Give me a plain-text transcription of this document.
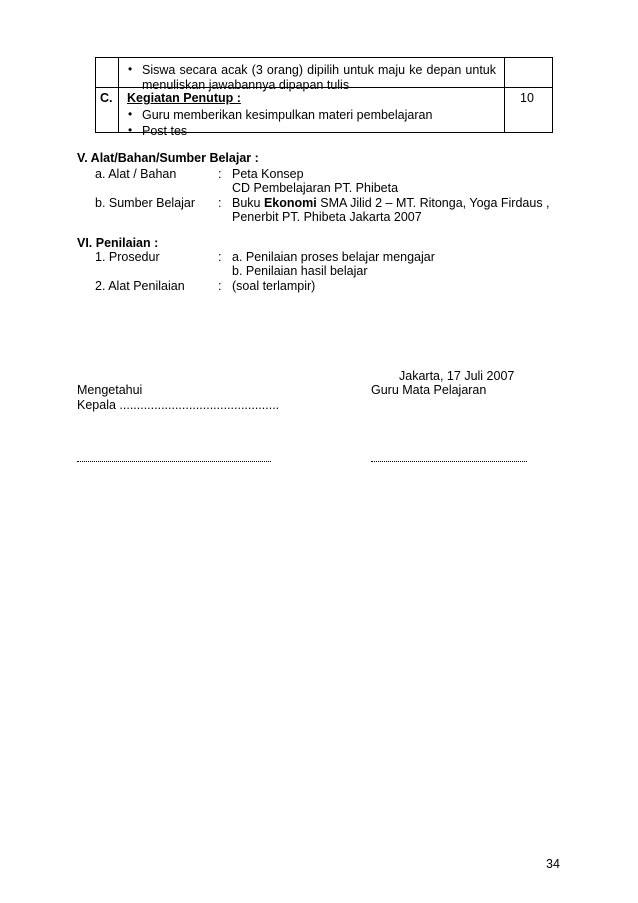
• Siswa secara acak (3 orang) dipilih untuk maju ke depan untuk
menuliskan jawabannya dipapan tulis
C. Kegiatan Penutup :	10
• Guru memberikan kesimpulkan materi pembelajaran
• Post tes
V. Alat/Bahan/Sumber Belajar :
a. Alat / Bahan	: Peta Konsep
CD Pembelajaran PT. Phibeta
b. Sumber Belajar : Buku Ekonomi SMA Jilid 2 – MT. Ritonga, Yoga Firdaus ,
Penerbit PT. Phibeta Jakarta 2007
VI. Penilaian :
1. Prosedur	: a. Penilaian proses belajar mengajar
b. Penilaian hasil belajar
2. Alat Penilaian	: (soal terlampir)
Jakarta, 17 Juli 2007
Mengetahui	Guru Mata Pelajaran
Kepala ..............................................
34
